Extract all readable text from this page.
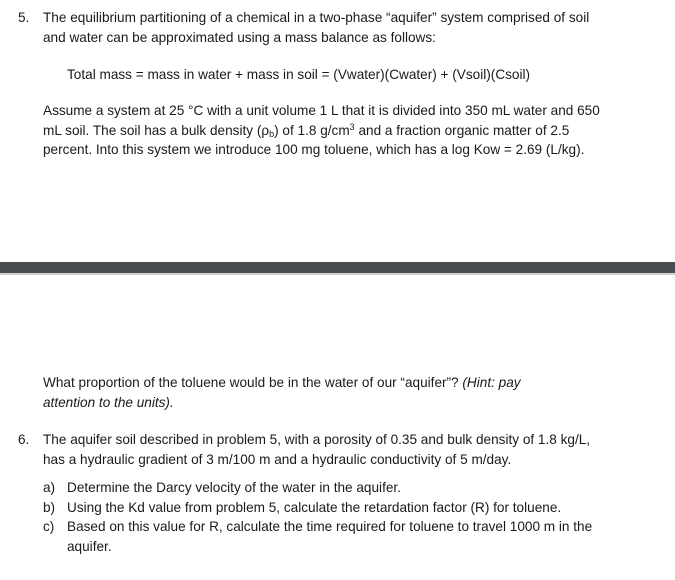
5. The equilibrium partitioning of a chemical in a two-phase “aquifer” system comprised of soil
and water can be approximated using a mass balance as follows:
Total mass = mass in water + mass in soil = (Vwater)(Cwater) + (Vsoil)(Csoil)
Assume a system at 25 °C with a unit volume 1 L that it is divided into 350 mL water and 650
mL soil. The soil has a bulk density $(\rho_b)$ of 1.8 $g/cm^3$ and a fraction organic matter of 2.5
percent. Into this system we introduce 100 mg toluene, which has a log Kow = 2.69 (L/kg).
What proportion of the toluene would be in the water of our “aquifer”? (Hint: pay
attention to the units).
6. The aquifer soil described in problem 5, with a porosity of 0.35 and bulk density of 1.8 kg/L,
has a hydraulic gradient of 3 m/100 m and a hydraulic conductivity of 5 m/day.
a) Determine the Darcy velocity of the water in the aquifer.
b) Using the Kd value from problem 5, calculate the retardation factor (R) for toluene.
c) Based on this value for R, calculate the time required for toluene to travel 1000 m in the
aquifer.
